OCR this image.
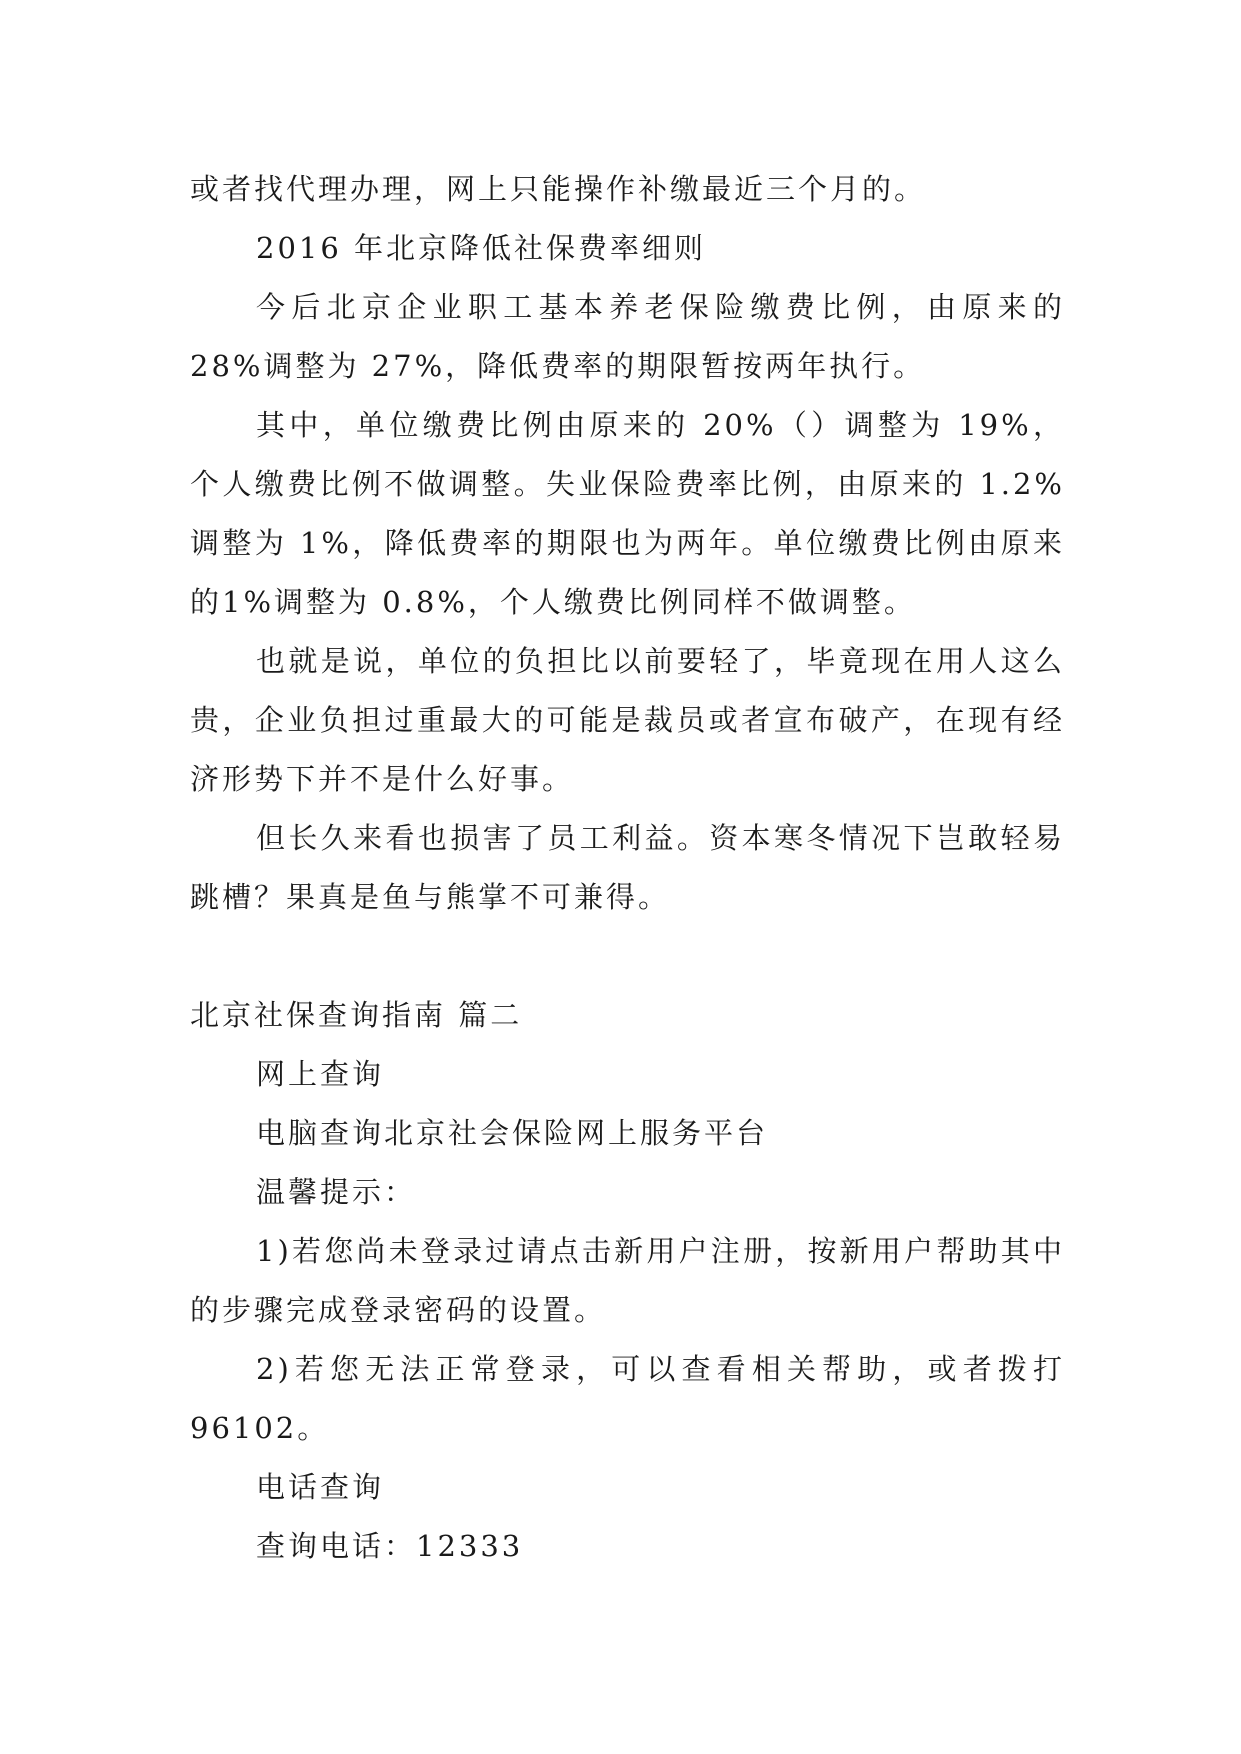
或者找代理办理，网上只能操作补缴最近三个月的。

2016 年北京降低社保费率细则

今后北京企业职工基本养老保险缴费比例，由原来的28%调整为 27%，降低费率的期限暂按两年执行。

其中，单位缴费比例由原来的 20%（）调整为 19%，个人缴费比例不做调整。失业保险费率比例，由原来的 1.2%调整为 1%，降低费率的期限也为两年。单位缴费比例由原来的1%调整为 0.8%，个人缴费比例同样不做调整。

也就是说，单位的负担比以前要轻了，毕竟现在用人这么贵，企业负担过重最大的可能是裁员或者宣布破产，在现有经济形势下并不是什么好事。

但长久来看也损害了员工利益。资本寒冬情况下岂敢轻易跳槽？果真是鱼与熊掌不可兼得。

北京社保查询指南 篇二

网上查询

电脑查询北京社会保险网上服务平台

温馨提示：

1)若您尚未登录过请点击新用户注册，按新用户帮助其中的步骤完成登录密码的设置。

2)若您无法正常登录，可以查看相关帮助，或者拨打96102。

电话查询

查询电话：12333
